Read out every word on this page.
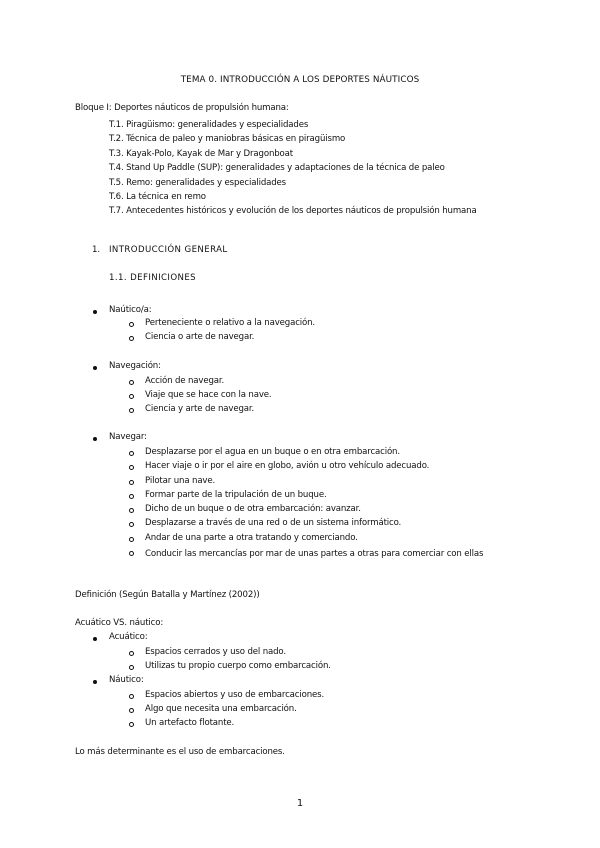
TEMA 0. INTRODUCCIÓN A LOS DEPORTES NÁUTICOS
Bloque I: Deportes náuticos de propulsión humana:
T.1. Piragüismo: generalidades y especialidades
T.2. Técnica de paleo y maniobras básicas en piragüismo
T.3. Kayak-Polo, Kayak de Mar y Dragonboat
T.4. Stand Up Paddle (SUP): generalidades y adaptaciones de la técnica de paleo
T.5. Remo: generalidades y especialidades
T.6. La técnica en remo
T.7. Antecedentes históricos y evolución de los deportes náuticos de propulsión humana
1. INTRODUCCIÓN GENERAL
1.1. DEFINICIONES
Naútico/a:
Perteneciente o relativo a la navegación.
Ciencia o arte de navegar.
Navegación:
Acción de navegar.
Viaje que se hace con la nave.
Ciencia y arte de navegar.
Navegar:
Desplazarse por el agua en un buque o en otra embarcación.
Hacer viaje o ir por el aire en globo, avión u otro vehículo adecuado.
Pilotar una nave.
Formar parte de la tripulación de un buque.
Dicho de un buque o de otra embarcación: avanzar.
Desplazarse a través de una red o de un sistema informático.
Andar de una parte a otra tratando y comerciando.
Conducir las mercancías por mar de unas partes a otras para comerciar con ellas
Definición (Según Batalla y Martínez (2002))
Acuático VS. náutico:
Acuático:
Espacios cerrados y uso del nado.
Utilizas tu propio cuerpo como embarcación.
Náutico:
Espacios abiertos y uso de embarcaciones.
Algo que necesita una embarcación.
Un artefacto flotante.
Lo más determinante es el uso de embarcaciones.
1
